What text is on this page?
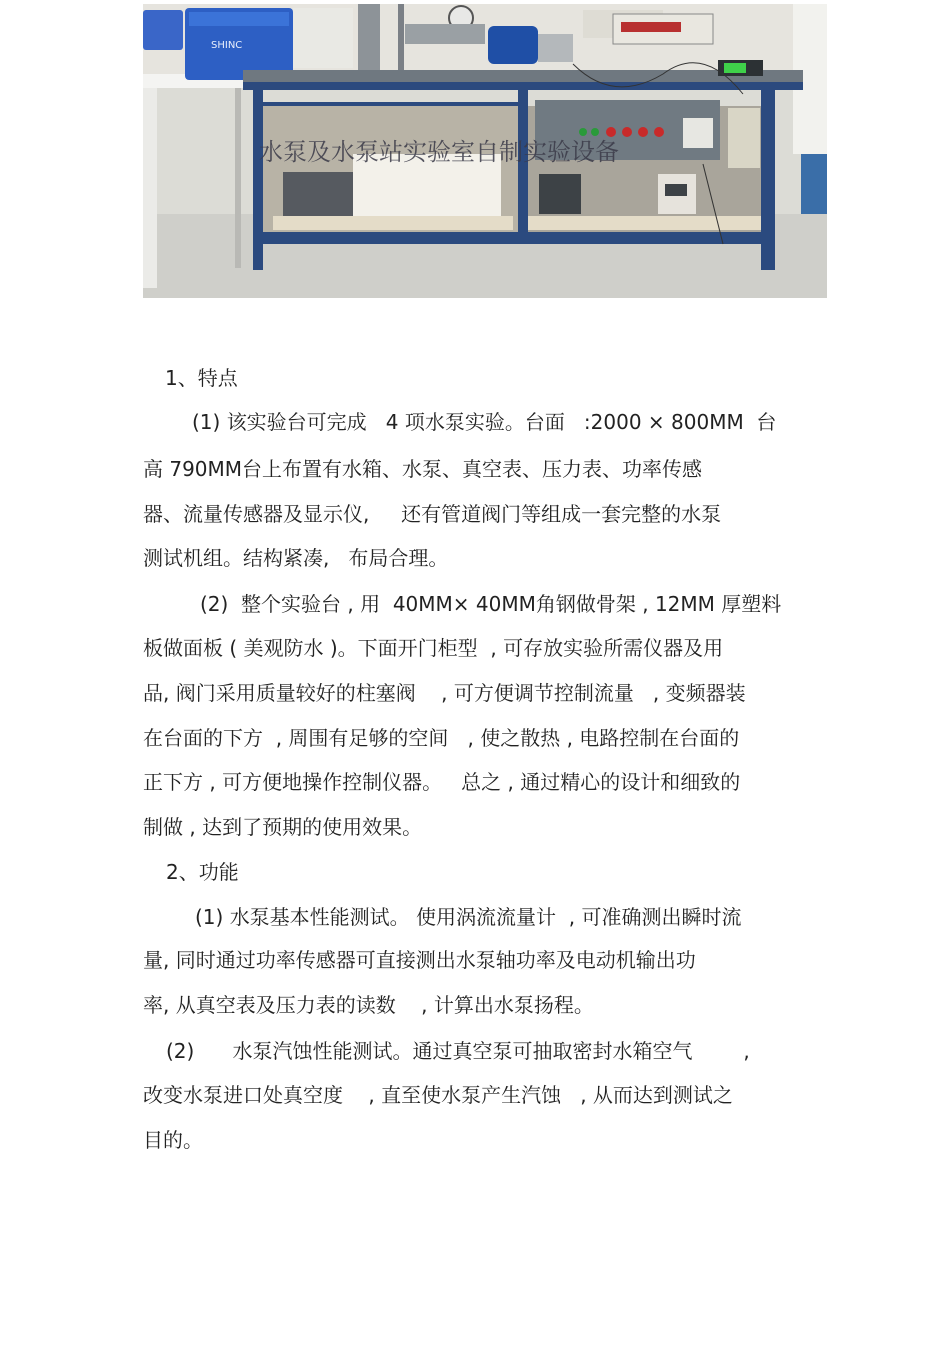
SHINC
水泵及水泵站实验室自制实验设备
1、特点
(1) 该实验台可完成   4 项水泵实验。台面   :2000 × 800MM  台
高 790MM台上布置有水箱、水泵、真空表、压力表、功率传感
器、流量传感器及显示仪,     还有管道阀门等组成一套完整的水泵
测试机组。结构紧凑,   布局合理。
(2)  整个实验台 , 用  40MM× 40MM角钢做骨架 , 12MM 厚塑料
板做面板 ( 美观防水 )。下面开门柜型  , 可存放实验所需仪器及用
品, 阀门采用质量较好的柱塞阀    , 可方便调节控制流量   , 变频器装
在台面的下方  , 周围有足够的空间   , 使之散热 , 电路控制在台面的
正下方 , 可方便地操作控制仪器。   总之 , 通过精心的设计和细致的
制做 , 达到了预期的使用效果。
2、功能
(1) 水泵基本性能测试。 使用涡流流量计  , 可准确测出瞬时流
量, 同时通过功率传感器可直接测出水泵轴功率及电动机输出功
率, 从真空表及压力表的读数    , 计算出水泵扬程。
(2)      水泵汽蚀性能测试。通过真空泵可抽取密封水箱空气        ,
改变水泵进口处真空度    , 直至使水泵产生汽蚀   , 从而达到测试之
目的。
